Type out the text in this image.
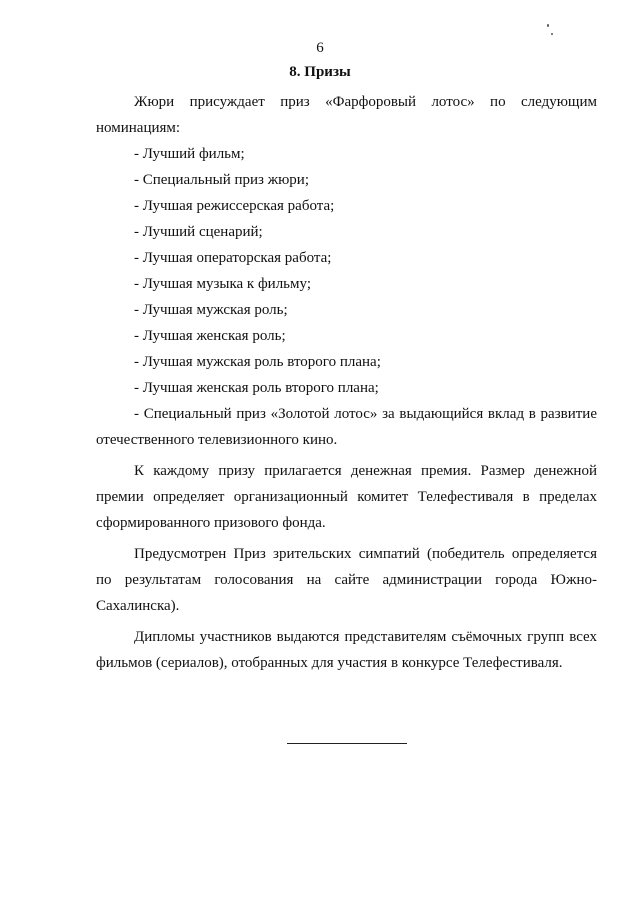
6
8. Призы

Жюри присуждает приз «Фарфоровый лотос» по следующим номинациям:

- Лучший фильм;

- Специальный приз жюри;

- Лучшая режиссерская работа;

- Лучший сценарий;

- Лучшая операторская работа;

- Лучшая музыка к фильму;

- Лучшая мужская роль;

- Лучшая женская роль;

- Лучшая мужская роль второго плана;

- Лучшая женская роль второго плана;

- Специальный приз «Золотой лотос» за выдающийся вклад в развитие отечественного телевизионного кино.

К каждому призу прилагается денежная премия. Размер денежной премии определяет организационный комитет Телефестиваля в пределах сформированного призового фонда.

Предусмотрен Приз зрительских симпатий (победитель определяется по результатам голосования на сайте администрации города Южно-Сахалинска).

Дипломы участников выдаются представителям съёмочных групп всех фильмов (сериалов), отобранных для участия в конкурсе Телефестиваля.
